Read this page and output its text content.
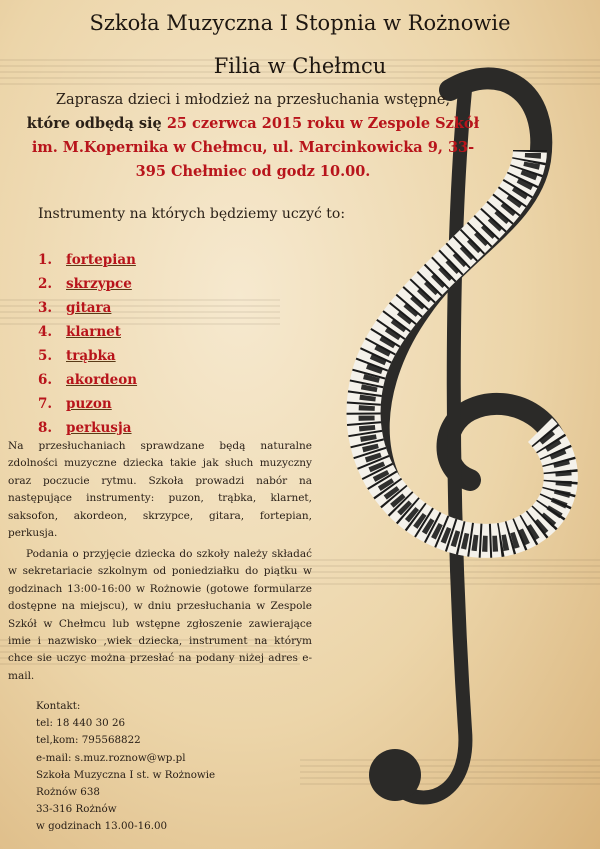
Szkoła Muzyczna I Stopnia w Rożnowie
Filia w Chełmcu
Zaprasza dzieci i młodzież na przesłuchania wstępne,
które odbędą się 25 czerwca 2015 roku w Zespole Szkół im. M.Kopernika w Chełmcu, ul. Marcinkowicka 9, 33-395 Chełmiec od godz 10.00.
Instrumenty na których będziemy uczyć to:
1.	fortepian
2.	skrzypce
3.	gitara
4.	klarnet
5.	trąbka
6.	akordeon
7.	puzon
8.	perkusja
Na przesłuchaniach sprawdzane będą naturalne zdolności muzyczne dziecka takie jak słuch muzyczny oraz poczucie rytmu. Szkoła prowadzi nabór na następujące instrumenty: puzon, trąbka, klarnet, saksofon, akordeon, skrzypce, gitara, fortepian, perkusja.
Podania o przyjęcie dziecka do szkoły należy składać w sekretariacie szkolnym od poniedziałku do piątku w godzinach 13:00-16:00 w Rożnowie (gotowe formularze dostępne na miejscu), w dniu przesłuchania w Zespole Szkół w Chełmcu lub wstępne zgłoszenie zawierające imie i nazwisko ,wiek dziecka, instrument na którym chce sie uczyc można przesłać na podany niżej adres e-mail.
Kontakt:
tel: 18 440 30 26
tel,kom: 795568822
e-mail: s.muz.roznow@wp.pl
Szkoła Muzyczna I st. w Rożnowie
Rożnów 638
33-316 Rożnów
w godzinach 13.00-16.00
